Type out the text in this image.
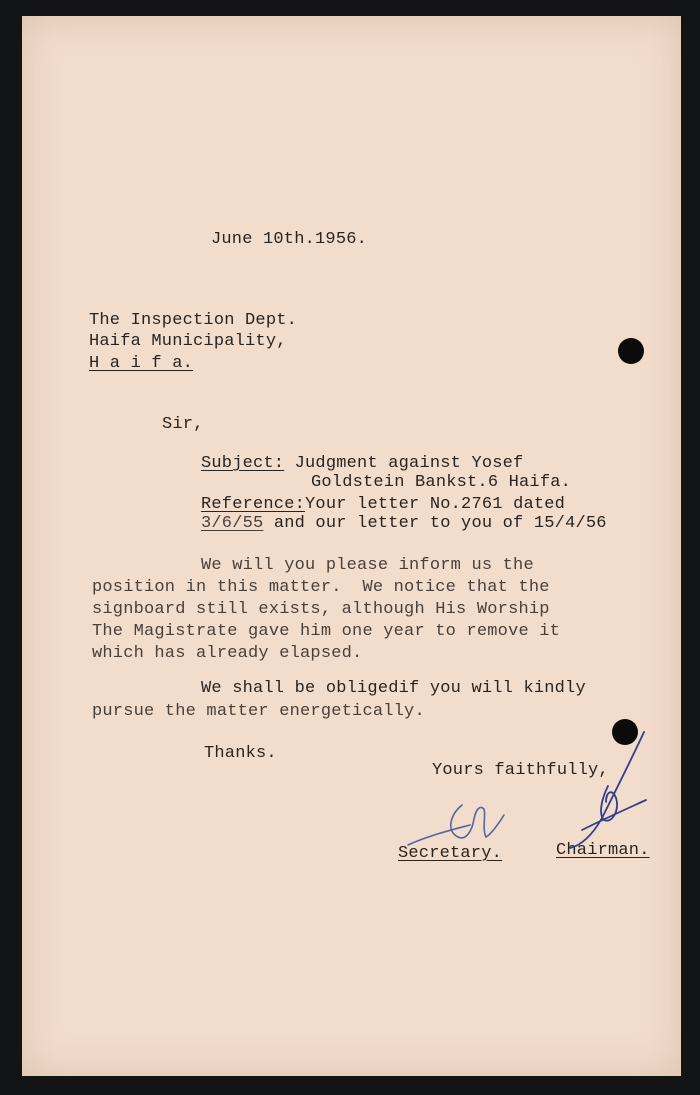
June 10th.1956.

The Inspection Dept.

Haifa Municipality,

H a i f a.

Sir,

Subject: Judgment against Yosef

Goldstein Bankst.6 Haifa.

Reference:Your letter No.2761 dated

3/6/55 and our letter to you of 15/4/56

We will you please inform us the

position in this matter.  We notice that the

signboard still exists, although His Worship

The Magistrate gave him one year to remove it

which has already elapsed.

We shall be obligedif you will kindly

pursue the matter energetically.

Thanks.

Yours faithfully,

Secretary.	Chairman.
